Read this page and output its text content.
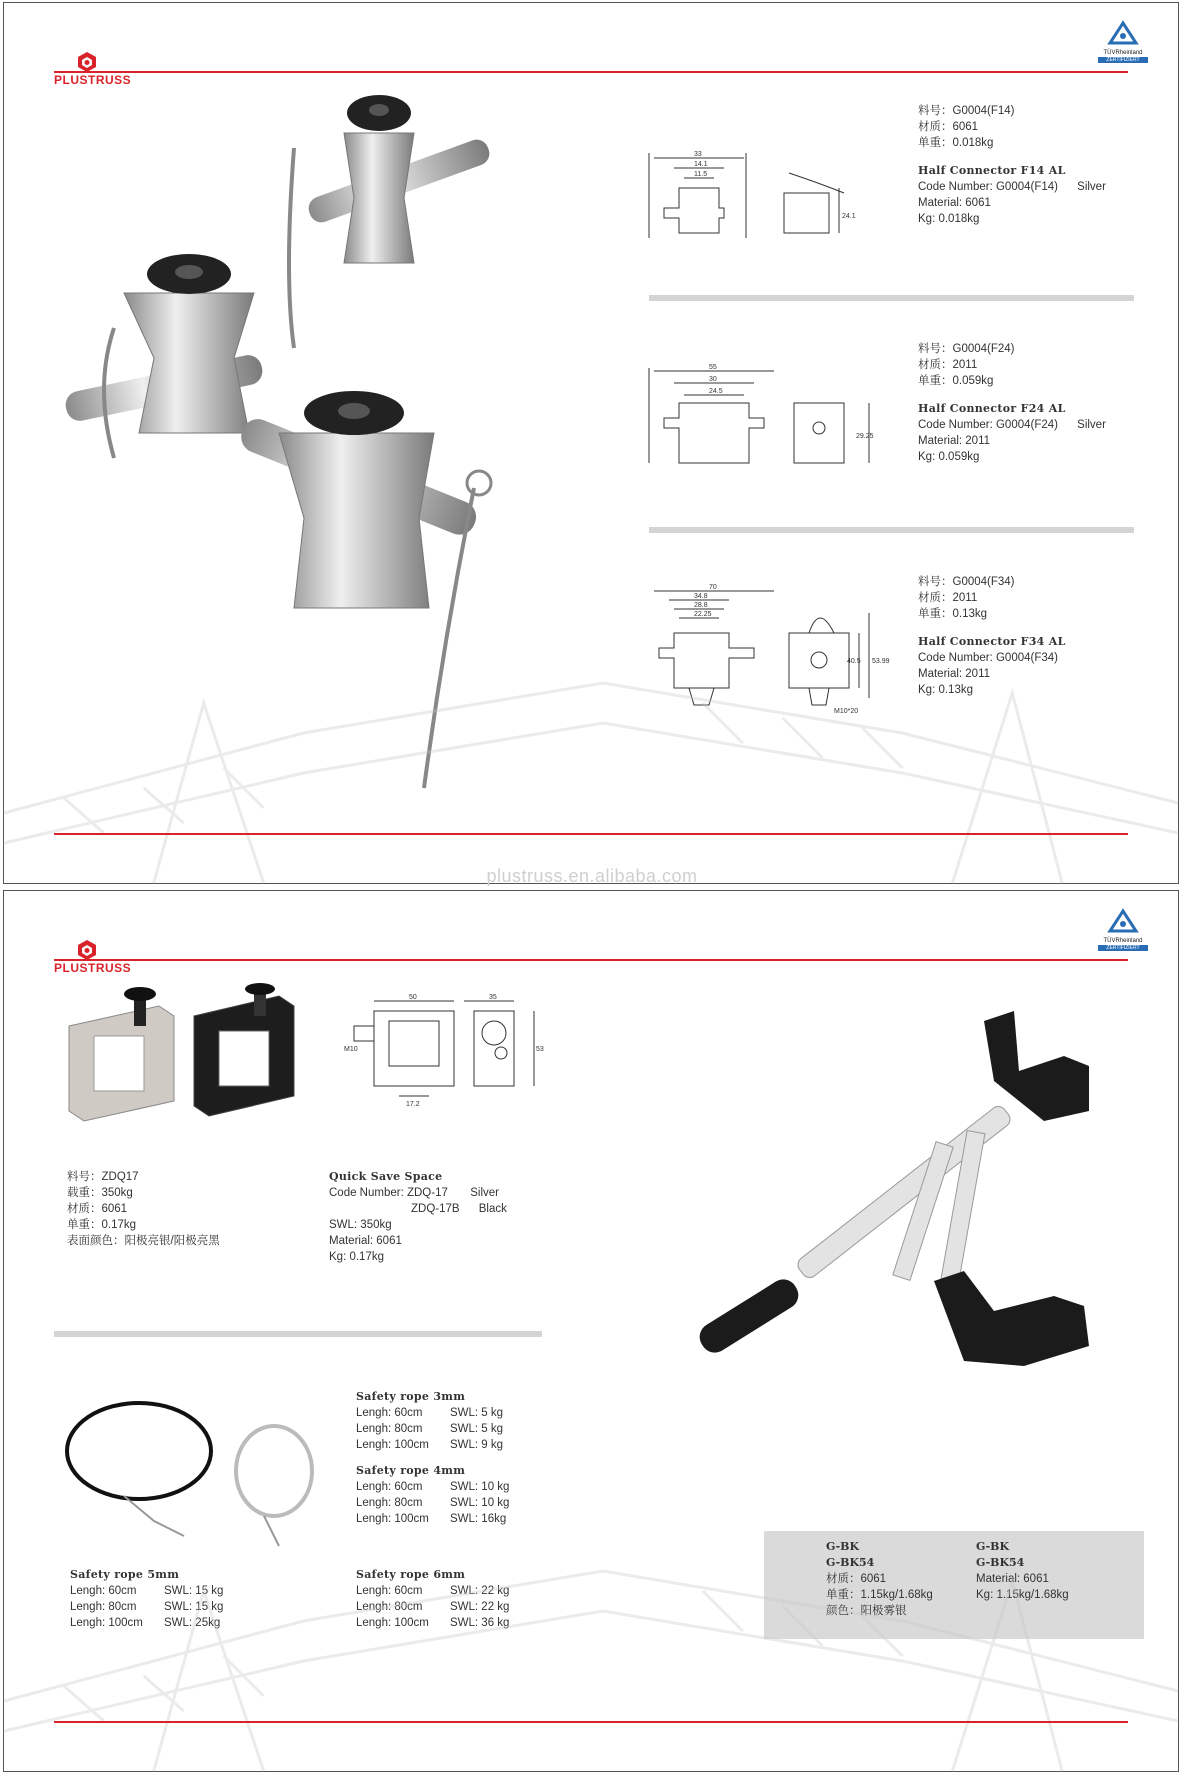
PLUSTRUSS
TÜVRheinland
ZERTIFIZIERT
33
14.1
11.5
24.1
料号：G0004(F14)
材质：6061
单重：0.018kg
Half Connector F14 AL
Code Number: G0004(F14) Silver
Material: 6061
Kg: 0.018kg
55
30
24.5
29.25
料号：G0004(F24)
材质：2011
单重：0.059kg
Half Connector F24 AL
Code Number: G0004(F24) Silver
Material: 2011
Kg: 0.059kg
70
34.8
28.8
22.25
40.5 53.99
M10*20
料号：G0004(F34)
材质：2011
单重：0.13kg
Half Connector F34 AL
Code Number: G0004(F34)
Material: 2011
Kg: 0.13kg
plustruss.en.alibaba.com
PLUSTRUSS
TÜVRheinland
ZERTIFIZIERT
50	35
M10	53
17.2
料号：ZDQ17
载重：350kg
材质：6061
单重：0.17kg
表面颜色：阳极亮银/阳极亮黑
Quick Save Space
Code Number: ZDQ-17 Silver
ZDQ-17B Black
SWL: 350kg
Material: 6061
Kg: 0.17kg
Safety rope 3mm
Lengh: 60cm SWL: 5 kg
Lengh: 80cm SWL: 5 kg
Lengh: 100cm SWL: 9 kg
Safety rope 4mm
Lengh: 60cm SWL: 10 kg
Lengh: 80cm SWL: 10 kg
Lengh: 100cm SWL: 16kg
Safety rope 5mm
Lengh: 60cm SWL: 15 kg
Lengh: 80cm SWL: 15 kg
Lengh: 100cm SWL: 25kg
Safety rope 6mm
Lengh: 60cm SWL: 22 kg
Lengh: 80cm SWL: 22 kg
Lengh: 100cm SWL: 36 kg
G-BK
G-BK54
材质：6061
单重：1.15kg/1.68kg
颜色：阳极雾银
G-BK
G-BK54
Material: 6061
Kg: 1.15kg/1.68kg
